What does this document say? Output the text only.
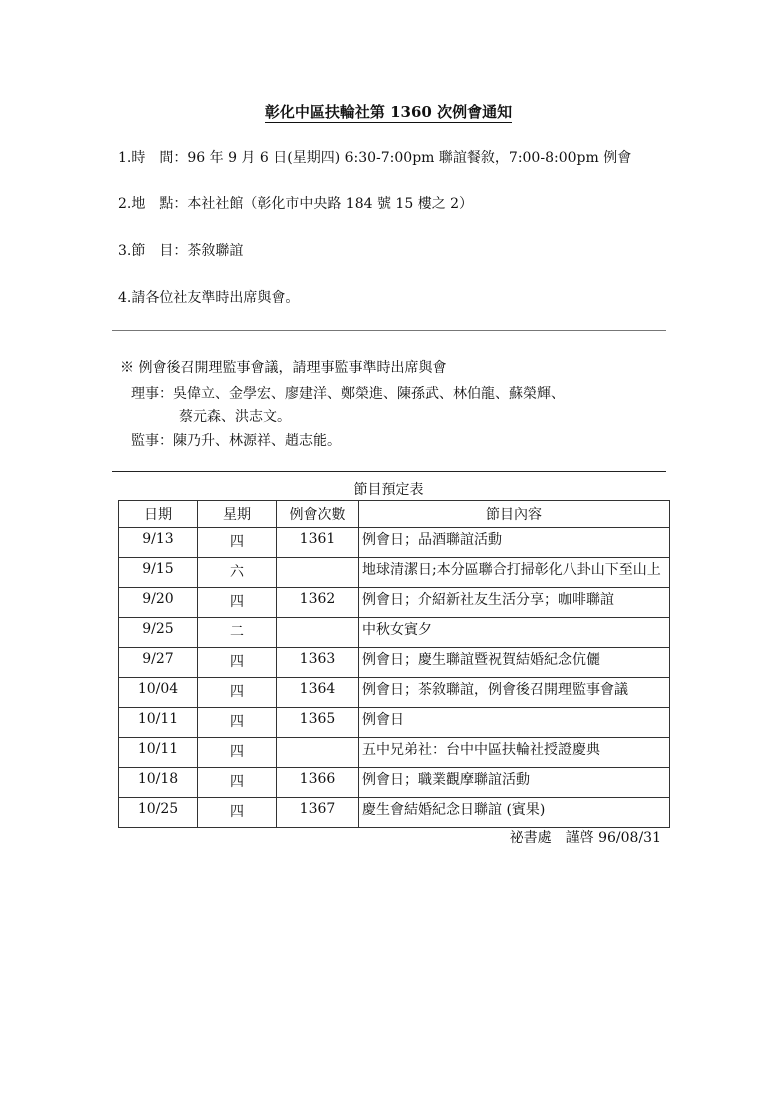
彰化中區扶輪社第 1360 次例會通知
1.時　間：96 年 9 月 6 日(星期四) 6:30-7:00pm 聯誼餐敘，7:00-8:00pm 例會
2.地　點：本社社館（彰化市中央路 184 號 15 樓之 2）
3.節　目：茶敘聯誼
4.請各位社友準時出席與會。
※ 例會後召開理監事會議，請理事監事準時出席與會
理事：吳偉立、金學宏、廖建洋、鄭榮進、陳孫武、林伯龍、蘇榮輝、
蔡元森、洪志文。
監事：陳乃升、林源祥、趙志能。
節目預定表
日期	星期	例會次數	節目內容
9/13	四	1361	例會日；品酒聯誼活動
9/15	六		地球清潔日;本分區聯合打掃彰化八卦山下至山上
9/20	四	1362	例會日；介紹新社友生活分享；咖啡聯誼
9/25	二		中秋女賓夕
9/27	四	1363	例會日；慶生聯誼暨祝賀結婚紀念伉儷
10/04	四	1364	例會日；茶敘聯誼，例會後召開理監事會議
10/11	四	1365	例會日
10/11	四		五中兄弟社：台中中區扶輪社授證慶典
10/18	四	1366	例會日；職業觀摩聯誼活動
10/25	四	1367	慶生會結婚紀念日聯誼 (賓果)
祕書處　謹啓 96/08/31
